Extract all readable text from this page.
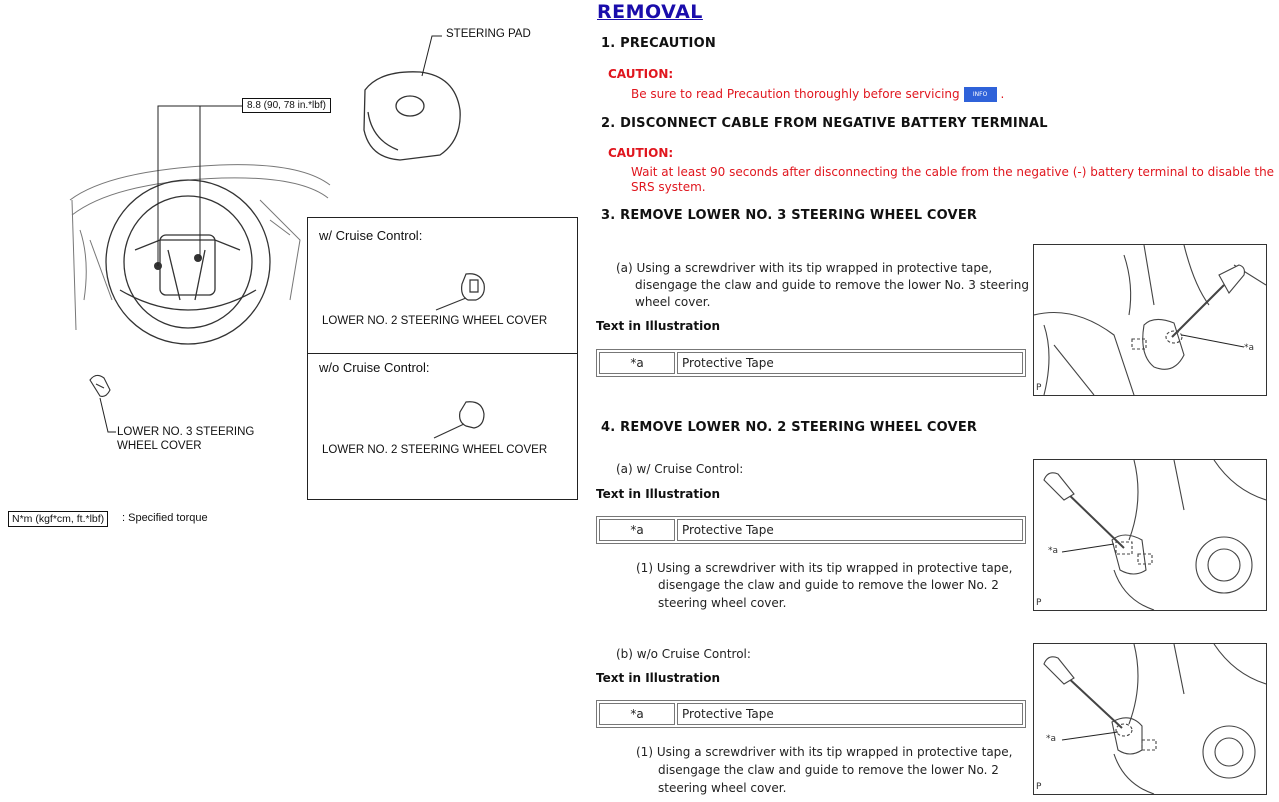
STEERING PAD
8.8 (90, 78 in.*lbf)
LOWER NO. 3 STEERING
WHEEL COVER
w/ Cruise Control:
w/o Cruise Control:
LOWER NO. 2 STEERING WHEEL COVER
LOWER NO. 2 STEERING WHEEL COVER
N*m (kgf*cm, ft.*lbf)	: Specified torque
REMOVAL
1. PRECAUTION
CAUTION:
Be sure to read Precaution thoroughly before servicing INFO .
2. DISCONNECT CABLE FROM NEGATIVE BATTERY TERMINAL
CAUTION:
Wait at least 90 seconds after disconnecting the cable from the negative (-) battery terminal to disable the
SRS system.
3. REMOVE LOWER NO. 3 STEERING WHEEL COVER
(a) Using a screwdriver with its tip wrapped in protective tape,
disengage the claw and guide to remove the lower No. 3 steering
wheel cover.
Text in Illustration
*a	Protective Tape
*a
P
4. REMOVE LOWER NO. 2 STEERING WHEEL COVER
(a) w/ Cruise Control:
Text in Illustration
*a	Protective Tape
(1) Using a screwdriver with its tip wrapped in protective tape,
disengage the claw and guide to remove the lower No. 2
steering wheel cover.
*a
P
(b) w/o Cruise Control:
Text in Illustration
*a	Protective Tape
(1) Using a screwdriver with its tip wrapped in protective tape,
disengage the claw and guide to remove the lower No. 2
steering wheel cover.
*a
P
